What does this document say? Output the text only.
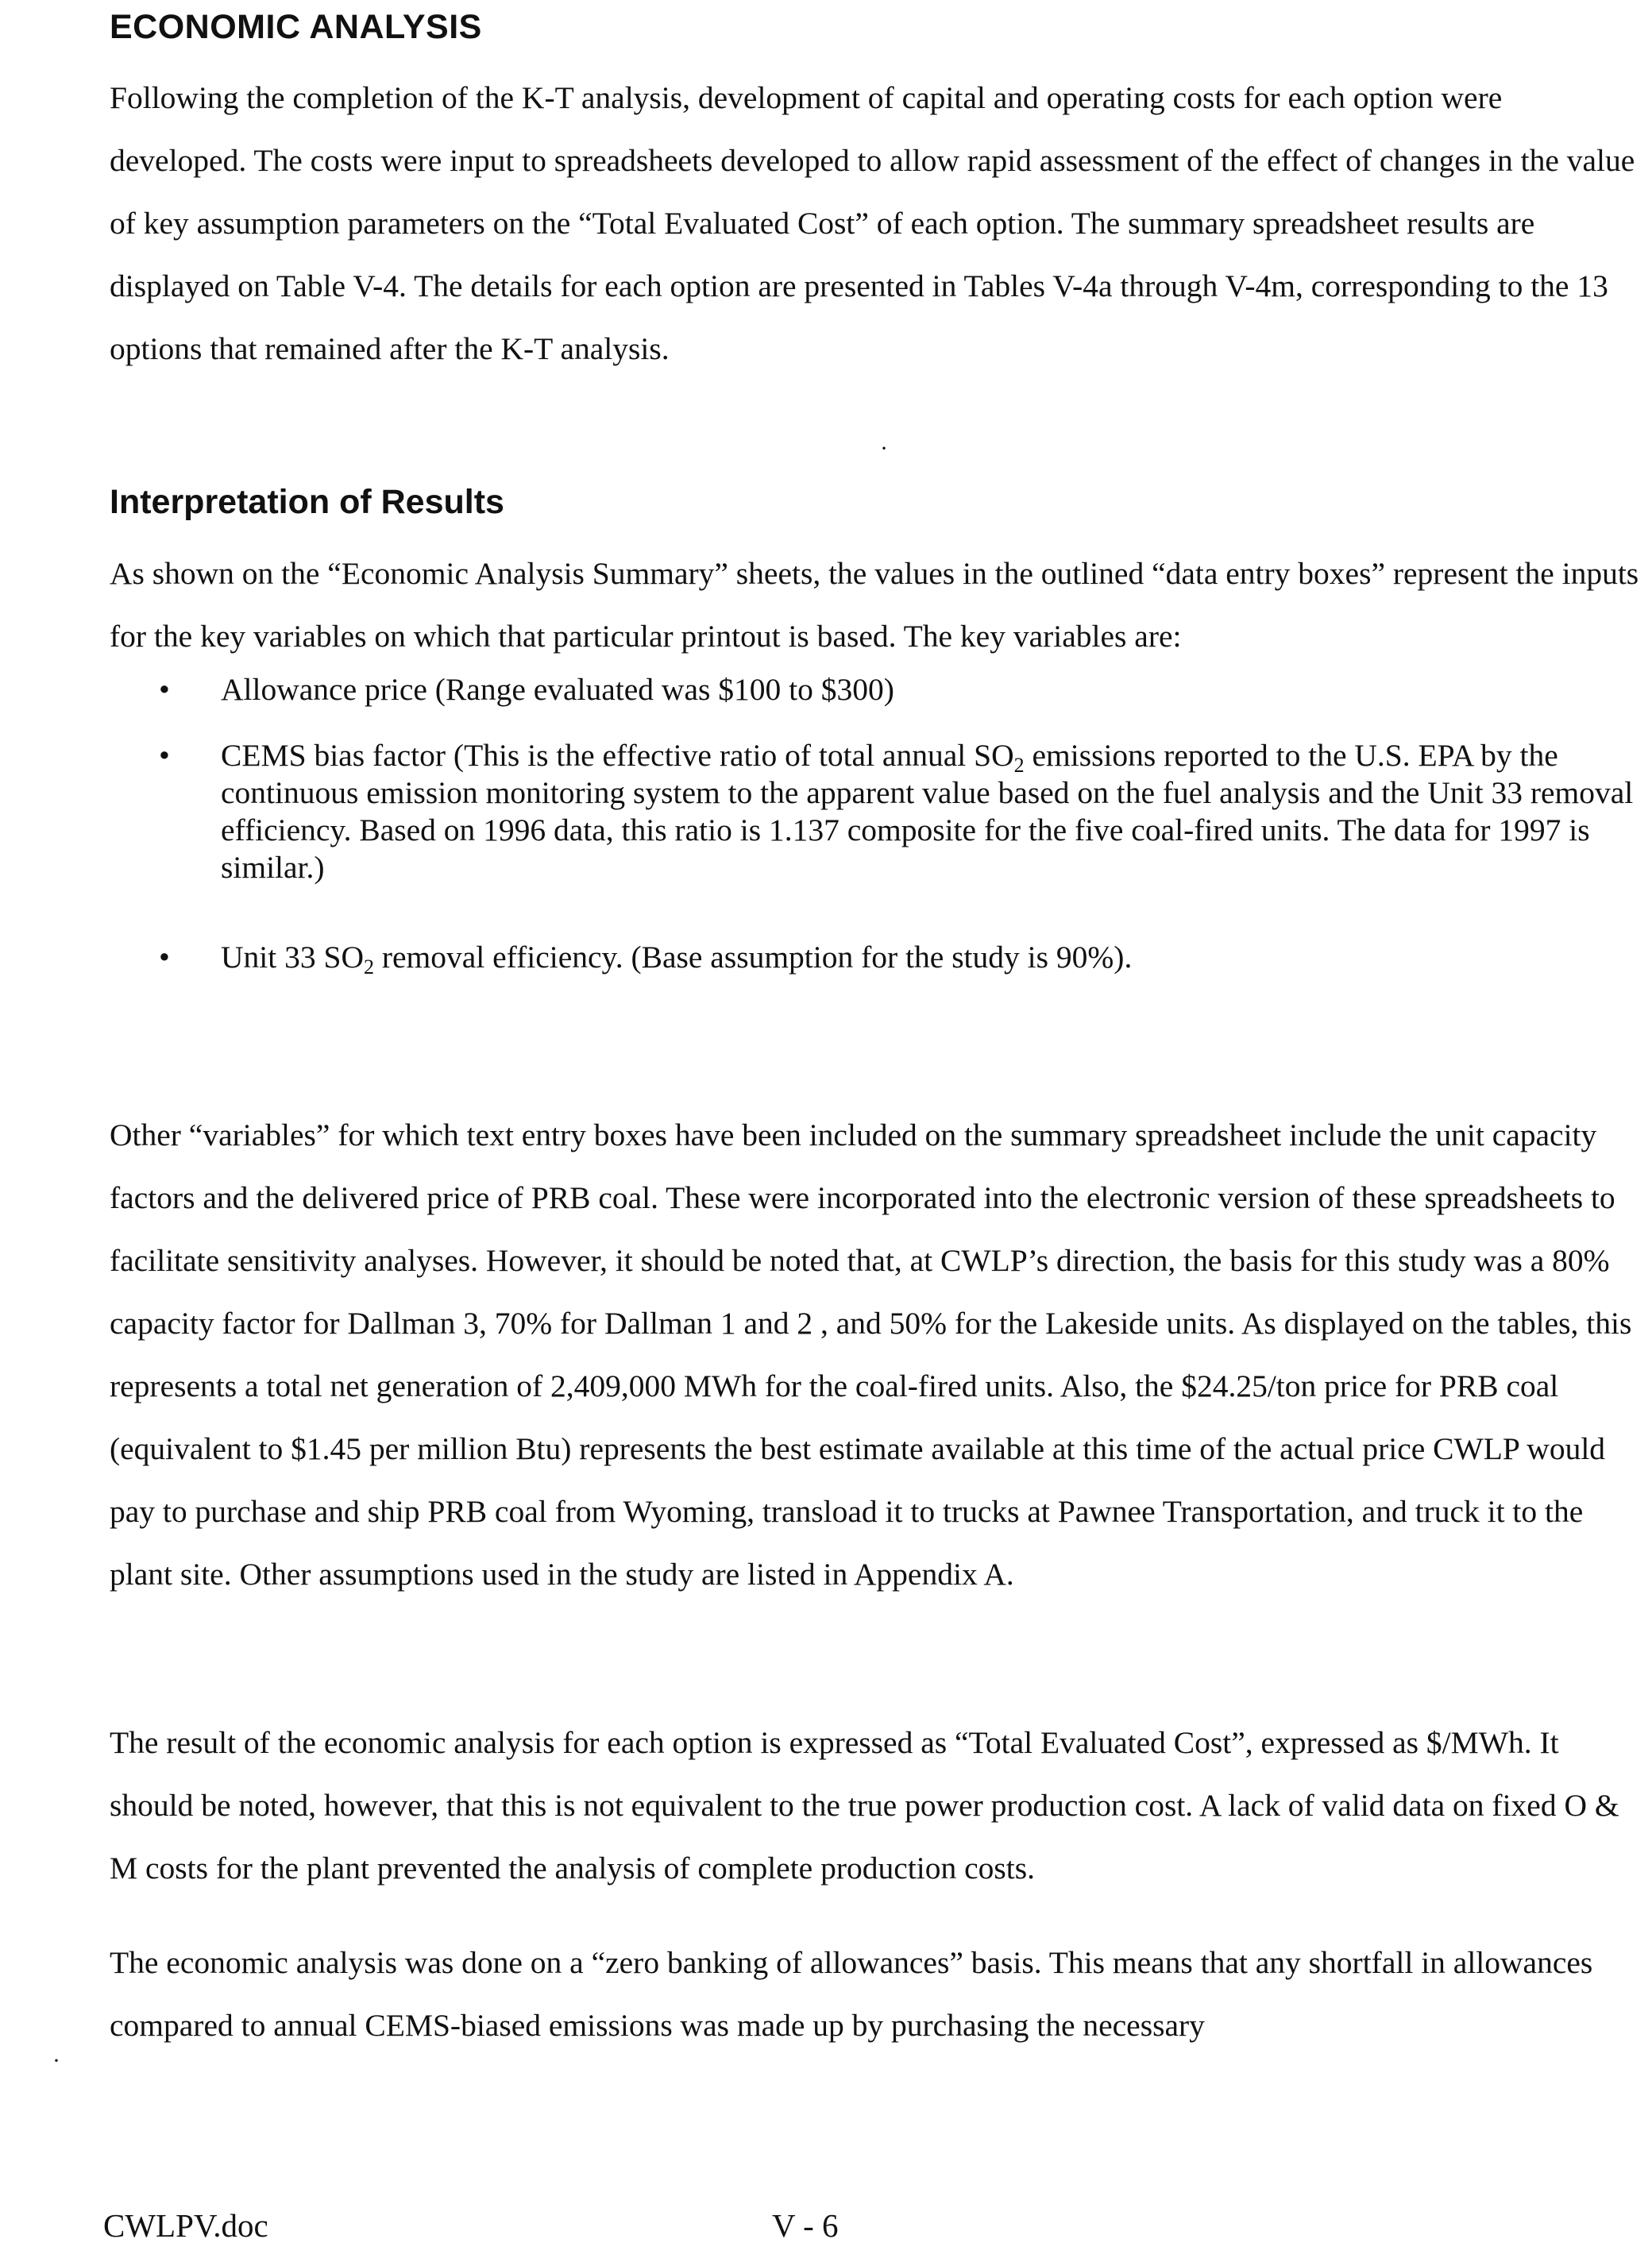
ECONOMIC ANALYSIS

Following the completion of the K-T analysis, development of capital and operating costs for each option were developed. The costs were input to spreadsheets developed to allow rapid assessment of the effect of changes in the value of key assumption parameters on the “Total Evaluated Cost” of each option. The summary spreadsheet results are displayed on Table V-4. The details for each option are presented in Tables V-4a through V-4m, corresponding to the 13 options that remained after the K-T analysis.

·
Interpretation of Results

As shown on the “Economic Analysis Summary” sheets, the values in the outlined “data entry boxes” represent the inputs for the key variables on which that particular printout is based. The key variables are:

• Allowance price (Range evaluated was $100 to $300)
• CEMS bias factor (This is the effective ratio of total annual $SO_2$ emissions reported to the U.S. EPA by the continuous emission monitoring system to the apparent value based on the fuel analysis and the Unit 33 removal efficiency. Based on 1996 data, this ratio is 1.137 composite for the five coal-fired units. The data for 1997 is similar.)
• Unit 33 $SO_2$ removal efficiency. (Base assumption for the study is 90%).

Other “variables” for which text entry boxes have been included on the summary spreadsheet include the unit capacity factors and the delivered price of PRB coal. These were incorporated into the electronic version of these spreadsheets to facilitate sensitivity analyses. However, it should be noted that, at CWLP’s direction, the basis for this study was a 80% capacity factor for Dallman 3, 70% for Dallman 1 and 2 , and 50% for the Lakeside units. As displayed on the tables, this represents a total net generation of 2,409,000 MWh for the coal-fired units. Also, the $24.25/ton price for PRB coal (equivalent to $1.45 per million Btu) represents the best estimate available at this time of the actual price CWLP would pay to purchase and ship PRB coal from Wyoming, transload it to trucks at Pawnee Transportation, and truck it to the plant site. Other assumptions used in the study are listed in Appendix A.

The result of the economic analysis for each option is expressed as “Total Evaluated Cost”, expressed as $/MWh. It should be noted, however, that this is not equivalent to the true power production cost. A lack of valid data on fixed O & M costs for the plant prevented the analysis of complete production costs.

The economic analysis was done on a “zero banking of allowances” basis. This means that any shortfall in allowances compared to annual CEMS-biased emissions was made up by purchasing the necessary

·
CWLPV.doc	V - 6
